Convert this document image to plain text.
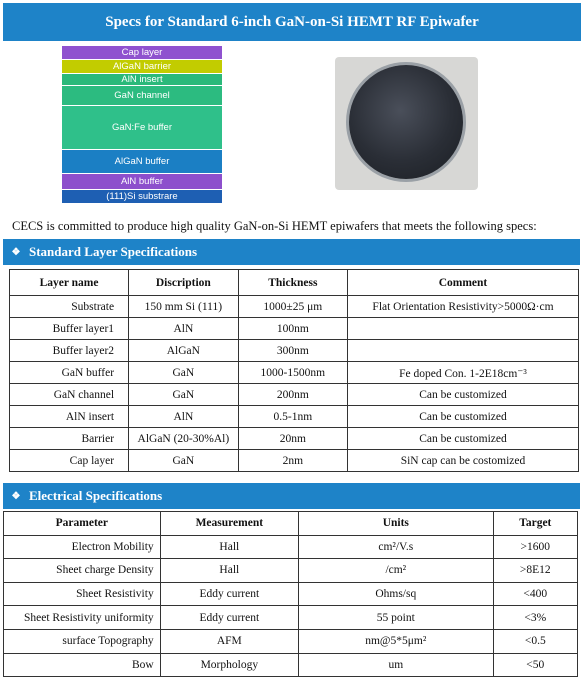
Specs for Standard 6-inch GaN-on-Si HEMT RF Epiwafer
Cap layer
AlGaN barrier
AlN insert
GaN channel
GaN:Fe buffer
AlGaN buffer
AlN buffer
(111)Si substrare
CECS is committed to produce high quality GaN-on-Si HEMT epiwafers that meets the following specs:
❖ Standard Layer Specifications
Layer name	Discription	Thickness	Comment
Substrate	150 mm Si (111)	1000±25 μm	Flat Orientation Resistivity>5000Ω·cm
Buffer layer1	AlN	100nm	
Buffer layer2	AlGaN	300nm	
GaN buffer	GaN	1000-1500nm	Fe doped Con. 1-2E18cm⁻³
GaN channel	GaN	200nm	Can be customized
AlN insert	AlN	0.5-1nm	Can be customized
Barrier	AlGaN (20-30%Al)	20nm	Can be customized
Cap layer	GaN	2nm	SiN cap can be costomized
❖ Electrical Specifications
Parameter	Measurement	Units	Target
Electron Mobility	Hall	cm²/V.s	>1600
Sheet charge Density	Hall	/cm²	>8E12
Sheet Resistivity	Eddy current	Ohms/sq	<400
Sheet Resistivity uniformity	Eddy current	55 point	<3%
surface Topography	AFM	nm@5*5μm²	<0.5
Bow	Morphology	um	<50
